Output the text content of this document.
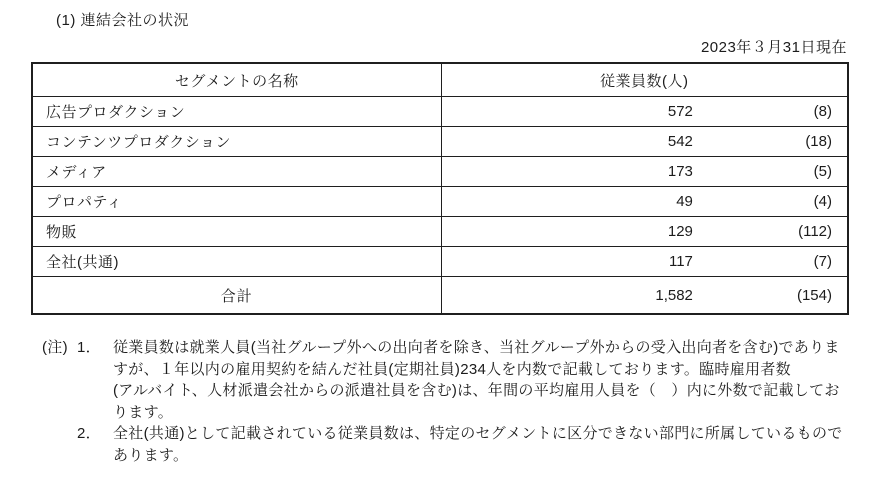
(1) 連結会社の状況
2023年３月31日現在
セグメントの名称	従業員数(人)
広告プロダクション	572 (8)

コンテンツプロダクション	542 (18)

メディア	173 (5)

プロパティ	49 (4)

物販	129 (112)

全社(共通)	117 (7)

合計	1,582 (154)
(注) 1． 従業員数は就業人員(当社グループ外への出向者を除き、当社グループ外からの受入出向者を含む)でありま
すが、１年以内の雇用契約を結んだ社員(定期社員)234人を内数で記載しております。臨時雇用者数
(アルバイト、人材派遣会社からの派遣社員を含む)は、年間の平均雇用人員を（　）内に外数で記載してお
ります。
2． 全社(共通)として記載されている従業員数は、特定のセグメントに区分できない部門に所属しているもので
あります。
